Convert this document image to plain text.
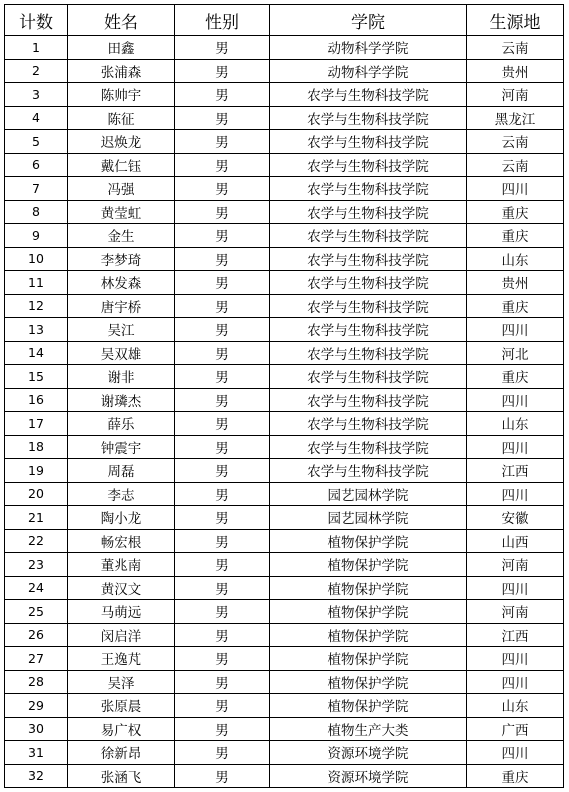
计数	姓名	性别	学院	生源地
1	田鑫	男	动物科学学院	云南
2	张浦森	男	动物科学学院	贵州
3	陈帅宇	男	农学与生物科技学院	河南
4	陈征	男	农学与生物科技学院	黑龙江
5	迟焕龙	男	农学与生物科技学院	云南
6	戴仁钰	男	农学与生物科技学院	云南
7	冯强	男	农学与生物科技学院	四川
8	黄莹虹	男	农学与生物科技学院	重庆
9	金生	男	农学与生物科技学院	重庆
10	李梦琦	男	农学与生物科技学院	山东
11	林发森	男	农学与生物科技学院	贵州
12	唐宇桥	男	农学与生物科技学院	重庆
13	吴江	男	农学与生物科技学院	四川
14	吴双雄	男	农学与生物科技学院	河北
15	谢非	男	农学与生物科技学院	重庆
16	谢璘杰	男	农学与生物科技学院	四川
17	薛乐	男	农学与生物科技学院	山东
18	钟震宇	男	农学与生物科技学院	四川
19	周磊	男	农学与生物科技学院	江西
20	李志	男	园艺园林学院	四川
21	陶小龙	男	园艺园林学院	安徽
22	畅宏根	男	植物保护学院	山西
23	董兆南	男	植物保护学院	河南
24	黄汉文	男	植物保护学院	四川
25	马萌远	男	植物保护学院	河南
26	闵启洋	男	植物保护学院	江西
27	王逸芃	男	植物保护学院	四川
28	吴泽	男	植物保护学院	四川
29	张原晨	男	植物保护学院	山东
30	易广权	男	植物生产大类	广西
31	徐新昂	男	资源环境学院	四川
32	张涵飞	男	资源环境学院	重庆
